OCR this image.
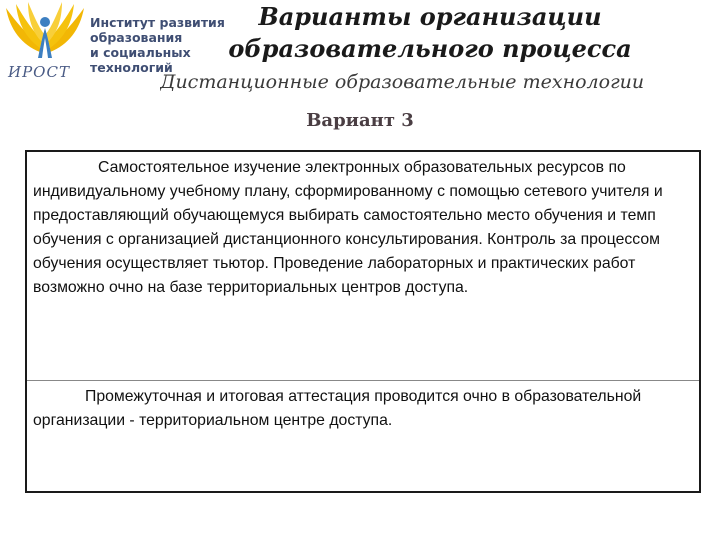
Институт развития
образования
и социальных
технологий
ИРОСТ
Варианты организации
образовательного процесса
Дистанционные образовательные технологии
Вариант 3

Самостоятельное изучение электронных образовательных ресурсов по индивидуальному учебному плану, сформированному с помощью сетевого учителя и предоставляющий обучающемуся выбирать самостоятельно место обучения и темп обучения с организацией дистанционного консультирования. Контроль за процессом обучения осуществляет тьютор. Проведение лабораторных и практических работ возможно очно на базе территориальных центров доступа.

Промежуточная и итоговая аттестация проводится очно в образовательной организации - территориальном центре доступа.
